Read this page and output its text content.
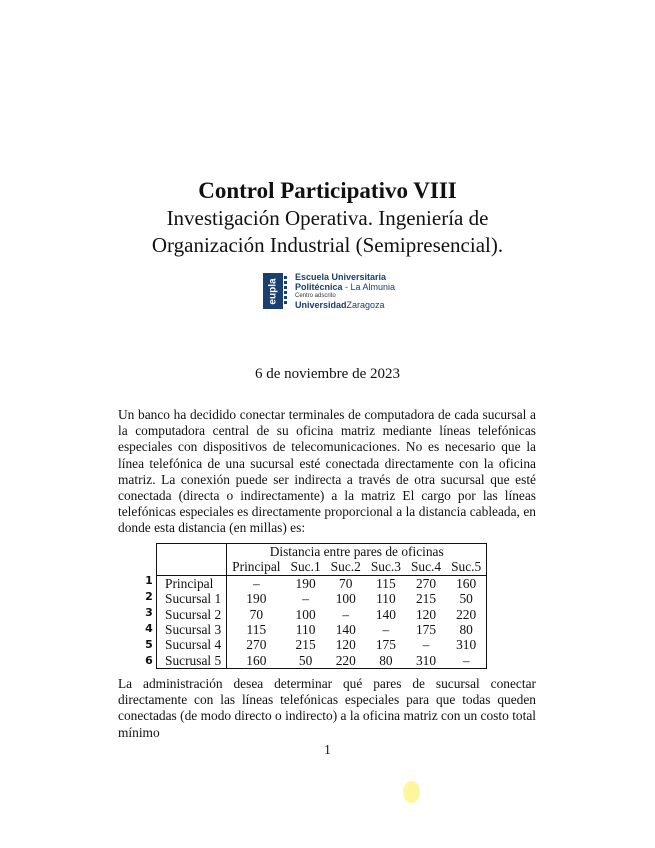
Control Participativo VIII
Investigación Operativa. Ingeniería de
Organización Industrial (Semipresencial).
eupla
Escuela Universitaria
Politécnica - La Almunia
Centro adscrito
UniversidadZaragoza
6 de noviembre de 2023
Un banco ha decidido conectar terminales de computadora de cada sucursal a la computadora central de su oficina matriz mediante líneas telefónicas especiales con dispositivos de telecomunicaciones. No es necesario que la línea telefónica de una sucursal esté conectada directamente con la oficina matriz. La conexión puede ser indirecta a través de otra sucursal que esté conectada (directa o indirectamente) a la matriz El cargo por las líneas telefónicas especiales es directamente proporcional a la distancia cableada, en donde esta distancia (en millas) es:
1
2
3
4
5
6
	Distancia entre pares de oficinas					
	Principal	Suc.1	Suc.2	Suc.3	Suc.4	Suc.5
Principal	–	190	70	115	270	160
Sucursal 1	190	–	100	110	215	50
Sucursal 2	70	100	–	140	120	220
Sucursal 3	115	110	140	–	175	80
Sucursal 4	270	215	120	175	–	310
Sucrusal 5	160	50	220	80	310	–
La administración desea determinar qué pares de sucursal conectar directamente con las líneas telefónicas especiales para que todas queden conectadas (de modo directo o indirecto) a la oficina matriz con un costo total mínimo
1
